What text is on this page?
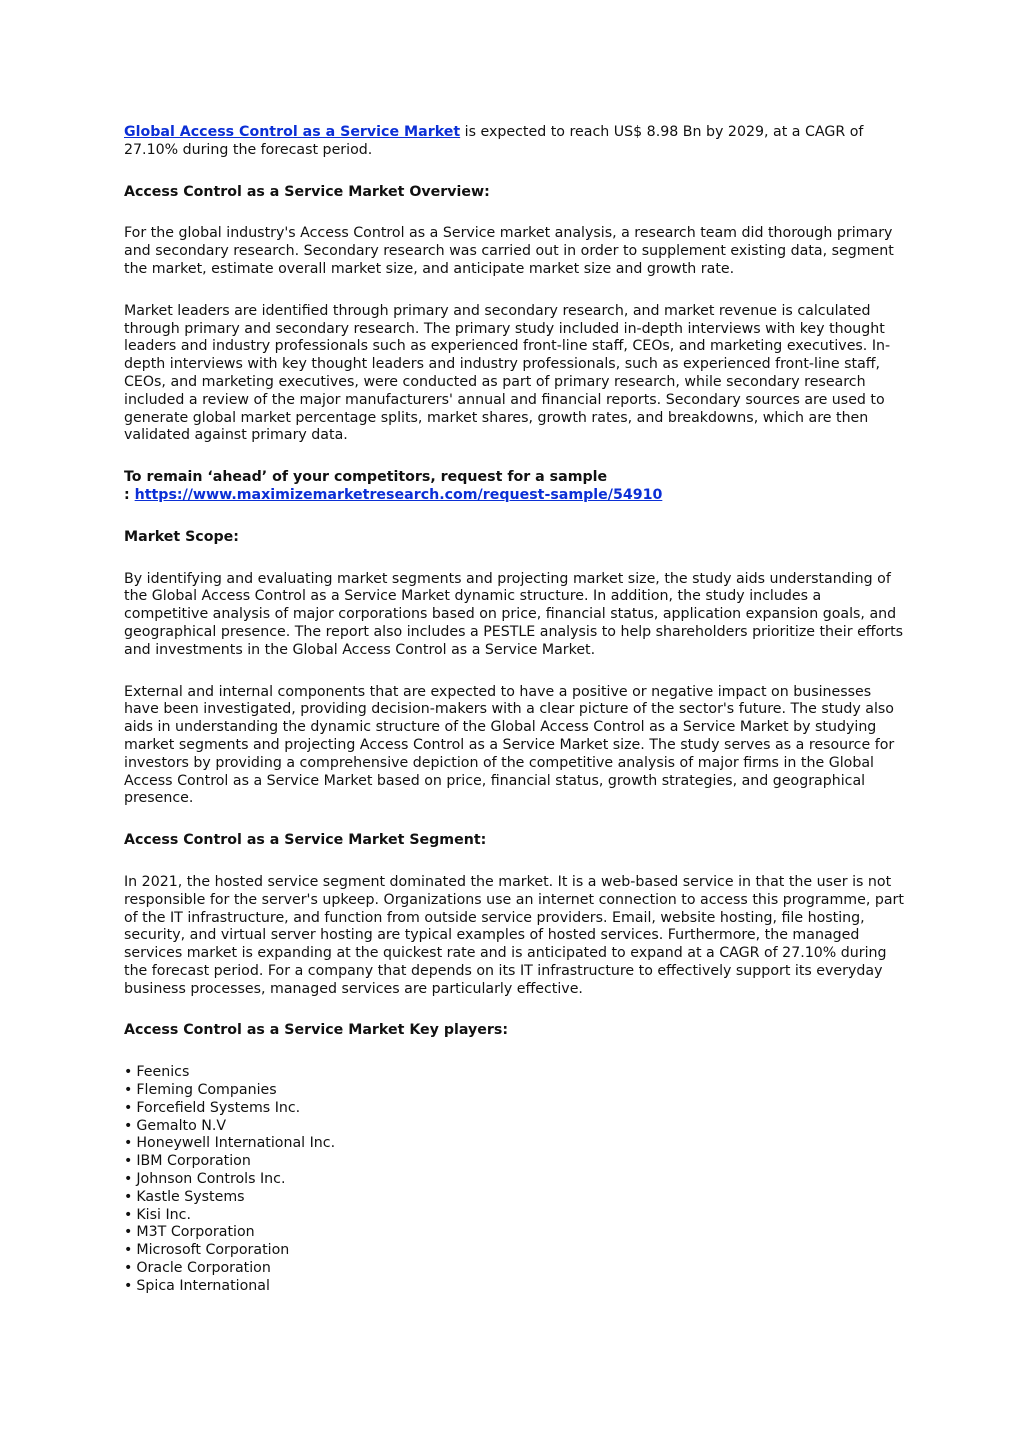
Global Access Control as a Service Market is expected to reach US$ 8.98 Bn by 2029, at a CAGR of 27.10% during the forecast period.

Access Control as a Service Market Overview:

For the global industry's Access Control as a Service market analysis, a research team did thorough primary and secondary research. Secondary research was carried out in order to supplement existing data, segment the market, estimate overall market size, and anticipate market size and growth rate.

Market leaders are identified through primary and secondary research, and market revenue is calculated through primary and secondary research. The primary study included in-depth interviews with key thought leaders and industry professionals such as experienced front-line staff, CEOs, and marketing executives. In-depth interviews with key thought leaders and industry professionals, such as experienced front-line staff, CEOs, and marketing executives, were conducted as part of primary research, while secondary research included a review of the major manufacturers' annual and financial reports. Secondary sources are used to generate global market percentage splits, market shares, growth rates, and breakdowns, which are then validated against primary data.

To remain ‘ahead’ of your competitors, request for a sample
: https://www.maximizemarketresearch.com/request-sample/54910

Market Scope:

By identifying and evaluating market segments and projecting market size, the study aids understanding of the Global Access Control as a Service Market dynamic structure. In addition, the study includes a competitive analysis of major corporations based on price, financial status, application expansion goals, and geographical presence. The report also includes a PESTLE analysis to help shareholders prioritize their efforts and investments in the Global Access Control as a Service Market.

External and internal components that are expected to have a positive or negative impact on businesses have been investigated, providing decision-makers with a clear picture of the sector's future. The study also aids in understanding the dynamic structure of the Global Access Control as a Service Market by studying market segments and projecting Access Control as a Service Market size. The study serves as a resource for investors by providing a comprehensive depiction of the competitive analysis of major firms in the Global Access Control as a Service Market based on price, financial status, growth strategies, and geographical presence.

Access Control as a Service Market Segment:

In 2021, the hosted service segment dominated the market. It is a web-based service in that the user is not responsible for the server's upkeep. Organizations use an internet connection to access this programme, part of the IT infrastructure, and function from outside service providers. Email, website hosting, file hosting, security, and virtual server hosting are typical examples of hosted services. Furthermore, the managed services market is expanding at the quickest rate and is anticipated to expand at a CAGR of 27.10% during the forecast period. For a company that depends on its IT infrastructure to effectively support its everyday business processes, managed services are particularly effective.

Access Control as a Service Market Key players:

• Feenics
• Fleming Companies
• Forcefield Systems Inc.
• Gemalto N.V
• Honeywell International Inc.
• IBM Corporation
• Johnson Controls Inc.
• Kastle Systems
• Kisi Inc.
• M3T Corporation
• Microsoft Corporation
• Oracle Corporation
• Spica International
